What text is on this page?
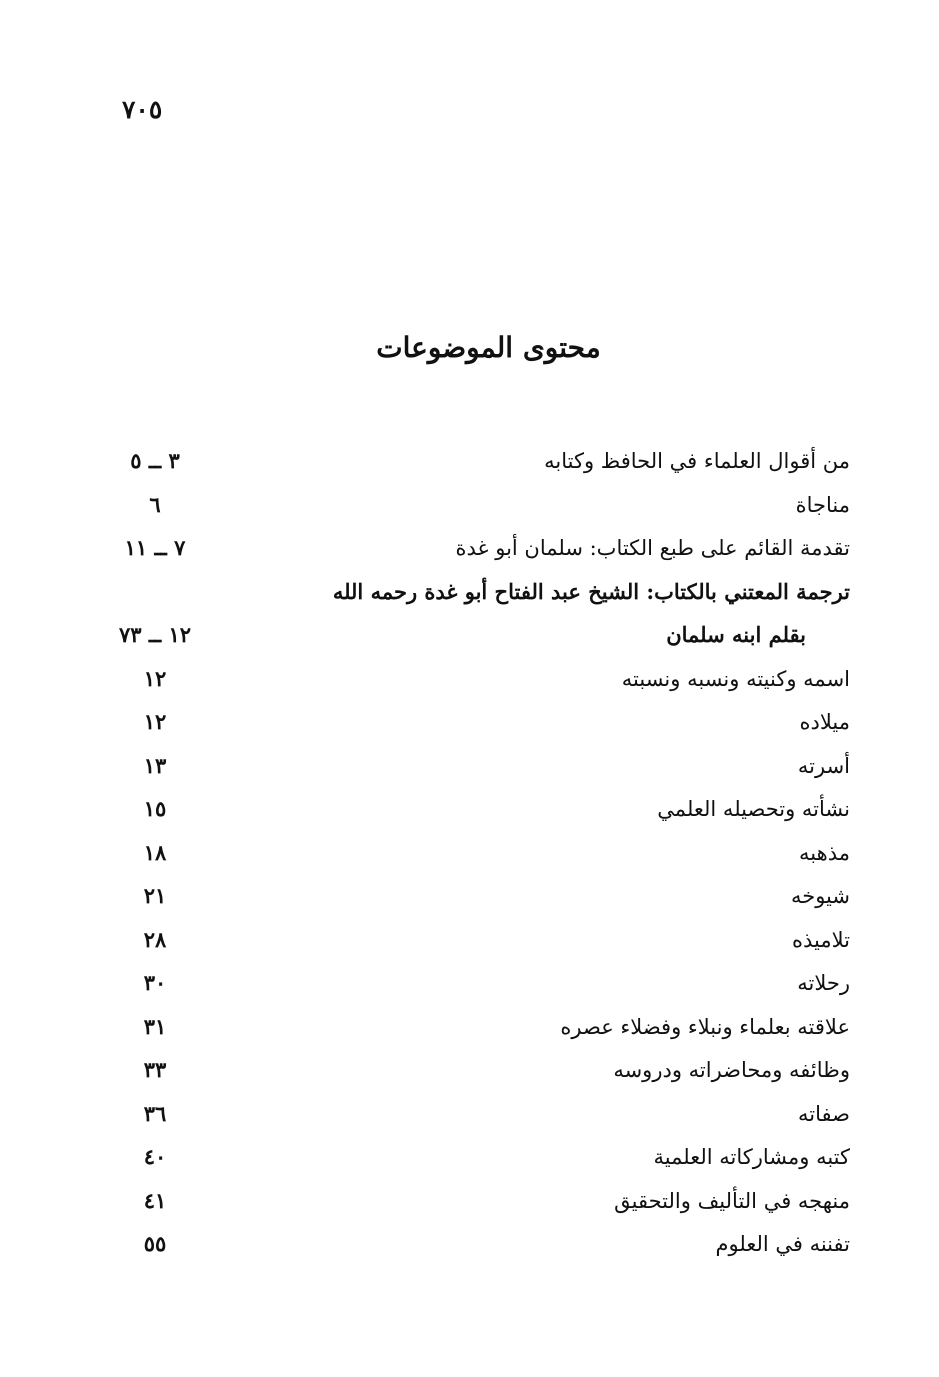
٧٠٥
محتوى الموضوعات
من أقوال العلماء في الحافظ وكتابه
٣ ــ ٥
مناجاة
٦
تقدمة القائم على طبع الكتاب: سلمان أبو غدة
٧ ــ ١١
ترجمة المعتني بالكتاب: الشيخ عبد الفتاح أبو غدة رحمه الله
بقلم ابنه سلمان
١٢ ــ ٧٣
اسمه وكنيته ونسبه ونسبته
١٢
ميلاده
١٢
أسرته
١٣
نشأته وتحصيله العلمي
١٥
مذهبه
١٨
شيوخه
٢١
تلاميذه
٢٨
رحلاته
٣٠
علاقته بعلماء ونبلاء وفضلاء عصره
٣١
وظائفه ومحاضراته ودروسه
٣٣
صفاته
٣٦
كتبه ومشاركاته العلمية
٤٠
منهجه في التأليف والتحقيق
٤١
تفننه في العلوم
٥٥
